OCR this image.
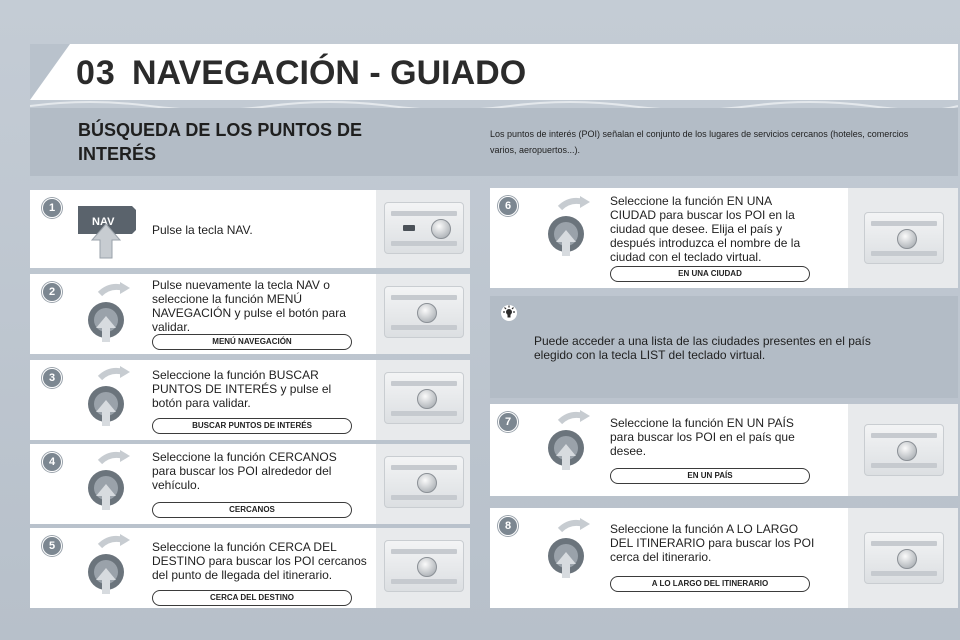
03 NAVEGACIÓN - GUIADO
BÚSQUEDA DE LOS PUNTOS DE INTERÉS
Los puntos de interés (POI) señalan el conjunto de los lugares de servicios cercanos (hoteles, comercios varios, aeropuertos...).
Puede acceder a una lista de las ciudades presentes en el país elegido con la tecla LIST del teclado virtual.
1
2
3
4
5
6
7
8
NAV
Pulse la tecla NAV.
Pulse nuevamente la tecla NAV o seleccione la función MENÚ NAVEGACIÓN y pulse el botón para validar.
Seleccione la función BUSCAR PUNTOS DE INTERÉS y pulse el botón para validar.
Seleccione la función CERCANOS para buscar los POI alrededor del vehículo.
Seleccione la función CERCA DEL DESTINO para buscar los POI cercanos del punto de llegada del itinerario.
Seleccione la función EN UNA CIUDAD para buscar los POI en la ciudad que desee. Elija el país y después introduzca el nombre de la ciudad con el teclado virtual.
Seleccione la función EN UN PAÍS para buscar los POI en el país que desee.
Seleccione la función A LO LARGO DEL ITINERARIO para buscar los POI cerca del itinerario.
MENÚ NAVEGACIÓN
BUSCAR PUNTOS DE INTERÉS
CERCANOS
CERCA DEL DESTINO
EN UNA CIUDAD
EN UN PAÍS
A LO LARGO DEL ITINERARIO
